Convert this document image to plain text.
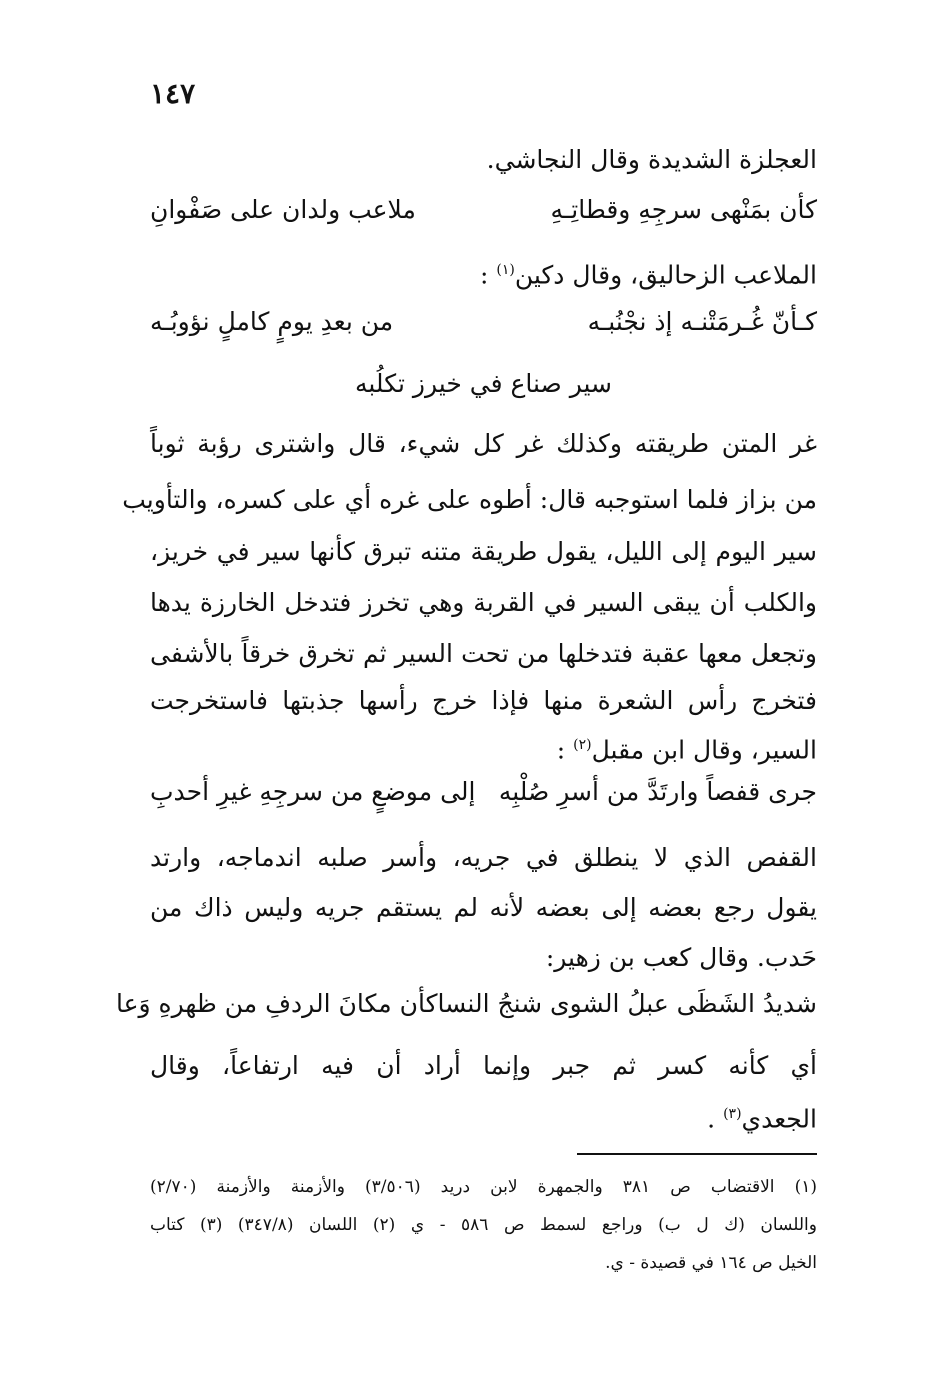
١٤٧
العجلزة الشديدة وقال النجاشي.
كأن بمَنْهى سرجِهِ وقطاتِـهِ
ملاعب ولدان على صَفْوانِ
الملاعب الزحاليق، وقال دكين$^{(١)}$ :
كـأنّ غُـرمَتْنـه إذ نجْنُبـه
من بعدِ يومٍ كاملٍ نؤوبُـه
سير صناع في خيرز تكلُبه
غر المتن طريقته وكذلك غر كل شيء، قال واشترى رؤبة ثوباً
من بزاز فلما استوجبه قال: أطوه على غره أي على كسره، والتأويب
سير اليوم إلى الليل، يقول طريقة متنه تبرق كأنها سير في خريز،
والكلب أن يبقى السير في القربة وهي تخرز فتدخل الخارزة يدها
وتجعل معها عقبة فتدخلها من تحت السير ثم تخرق خرقاً بالأشفى
فتخرج رأس الشعرة منها فإذا خرج رأسها جذبتها فاستخرجت
السير، وقال ابن مقبل$^{(٢)}$ :
جرى قفصاً وارتَدَّ من أسرِ صُلْبِه
إلى موضعٍ من سرجِهِ غيرِ أحدبِ
القفص الذي لا ينطلق في جريه، وأسر صلبه اندماجه، وارتد
يقول رجع بعضه إلى بعضه لأنه لم يستقم جريه وليس ذاك من
حَدب. وقال كعب بن زهير:
شديدُ الشَظَى عبلُ الشوى شنجُ النسا
كأن مكانَ الردفِ من ظهرهِ وَعا
أي كأنه كسر ثم جبر وإنما أراد أن فيه ارتفاعاً، وقال
الجعدي$^{(٣)}$ .
(١) الاقتضاب ص ٣٨١ والجمهرة لابن دريد (٣/٥٠٦) والأزمنة والأزمنة (٢/٧٠)
واللسان (ك ل ب) وراجع لسمط ص ٥٨٦ - ي (٢) اللسان (٣٤٧/٨) (٣) كتاب
الخيل ص ١٦٤ في قصيدة - ي.
